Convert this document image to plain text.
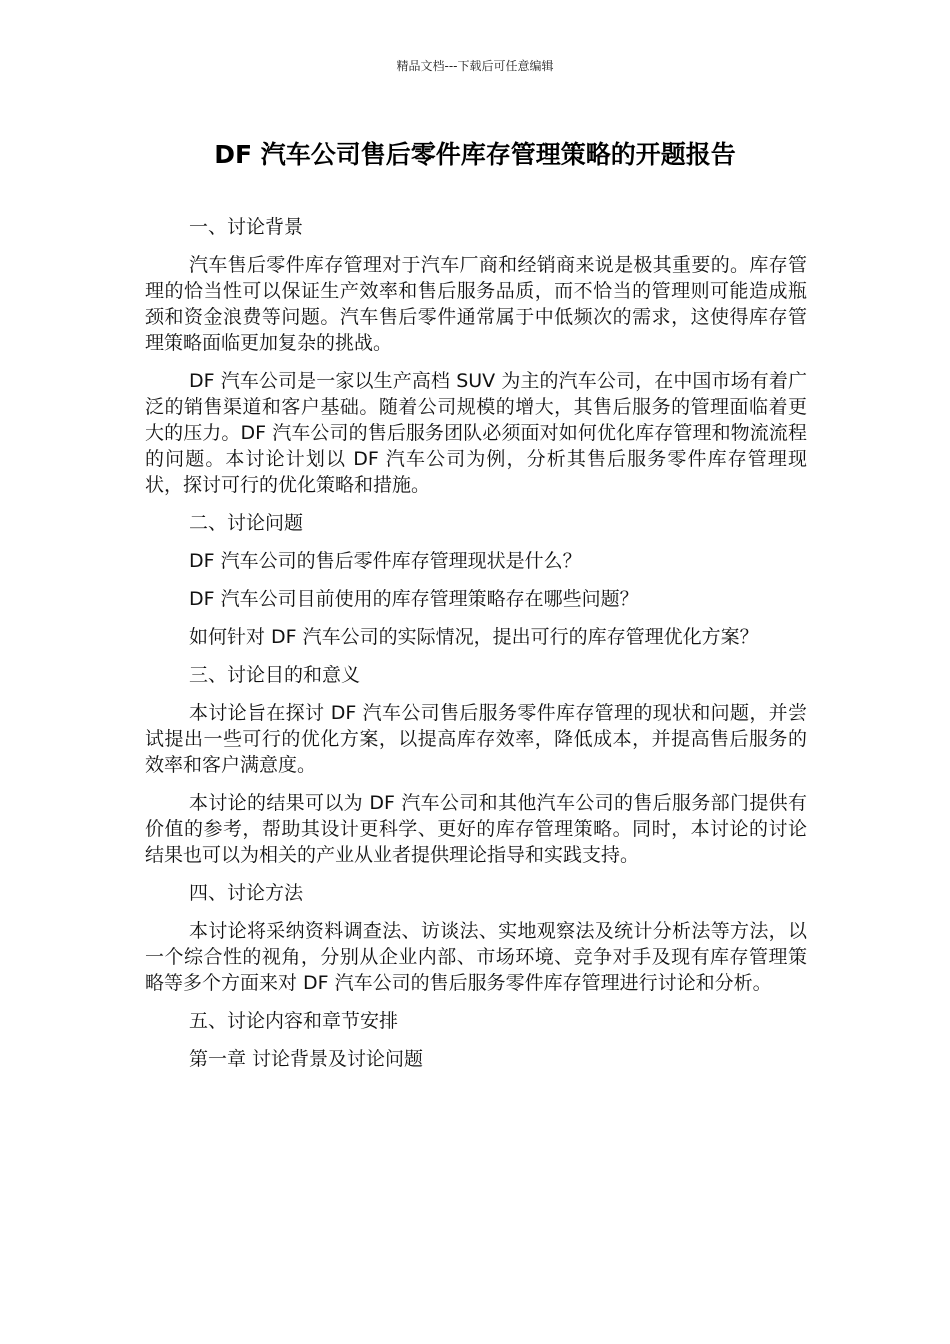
精品文档---下载后可任意编辑
DF 汽车公司售后零件库存管理策略的开题报告

一、讨论背景

汽车售后零件库存管理对于汽车厂商和经销商来说是极其重要的。库存管理的恰当性可以保证生产效率和售后服务品质，而不恰当的管理则可能造成瓶颈和资金浪费等问题。汽车售后零件通常属于中低频次的需求，这使得库存管理策略面临更加复杂的挑战。

DF 汽车公司是一家以生产高档 SUV 为主的汽车公司，在中国市场有着广泛的销售渠道和客户基础。随着公司规模的增大，其售后服务的管理面临着更大的压力。DF 汽车公司的售后服务团队必须面对如何优化库存管理和物流流程的问题。本讨论计划以 DF 汽车公司为例，分析其售后服务零件库存管理现状，探讨可行的优化策略和措施。

二、讨论问题

DF 汽车公司的售后零件库存管理现状是什么？

DF 汽车公司目前使用的库存管理策略存在哪些问题？

如何针对 DF 汽车公司的实际情况，提出可行的库存管理优化方案？

三、讨论目的和意义

本讨论旨在探讨 DF 汽车公司售后服务零件库存管理的现状和问题，并尝试提出一些可行的优化方案，以提高库存效率，降低成本，并提高售后服务的效率和客户满意度。

本讨论的结果可以为 DF 汽车公司和其他汽车公司的售后服务部门提供有价值的参考，帮助其设计更科学、更好的库存管理策略。同时，本讨论的讨论结果也可以为相关的产业从业者提供理论指导和实践支持。

四、讨论方法

本讨论将采纳资料调查法、访谈法、实地观察法及统计分析法等方法，以一个综合性的视角，分别从企业内部、市场环境、竞争对手及现有库存管理策略等多个方面来对 DF 汽车公司的售后服务零件库存管理进行讨论和分析。

五、讨论内容和章节安排

第一章 讨论背景及讨论问题
